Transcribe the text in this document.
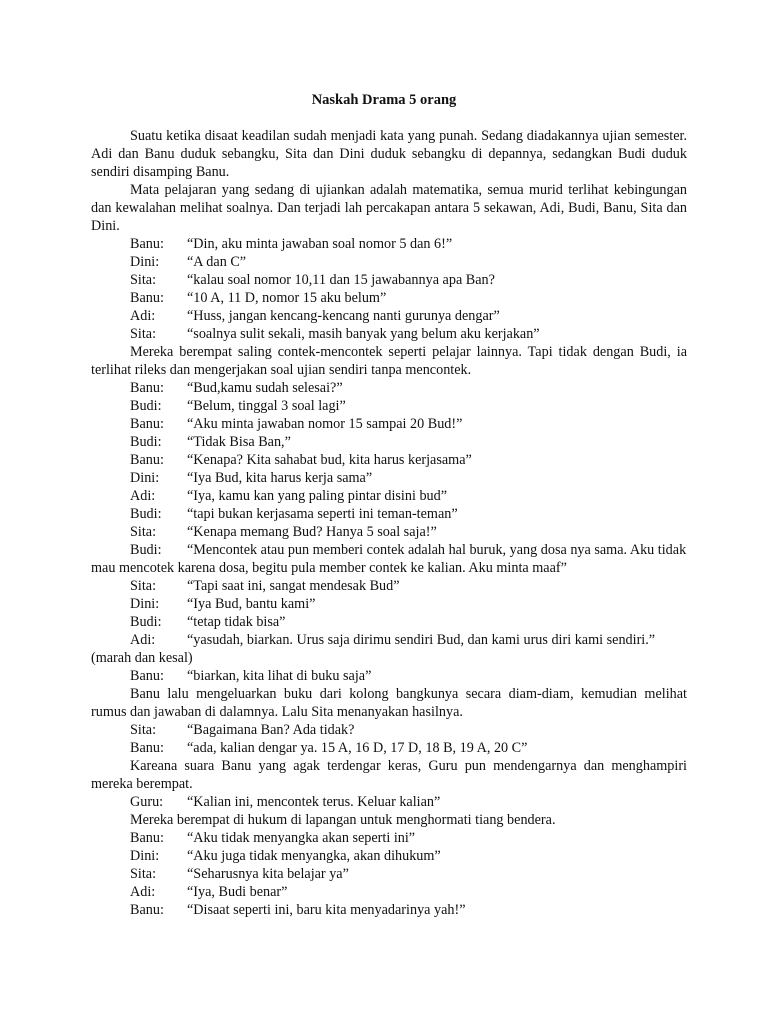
Naskah Drama 5 orang

Suatu ketika disaat keadilan sudah menjadi kata yang punah. Sedang diadakannya ujian semester. Adi dan Banu duduk sebangku, Sita dan Dini duduk sebangku di depannya, sedangkan Budi duduk sendiri disamping Banu.

Mata pelajaran yang sedang di ujiankan adalah matematika, semua murid terlihat kebingungan dan kewalahan melihat soalnya. Dan terjadi lah percakapan antara 5 sekawan, Adi, Budi, Banu, Sita dan Dini.

Banu:	“Din, aku minta jawaban soal nomor 5 dan 6!”
Dini:	“A dan C”
Sita:	“kalau soal nomor 10,11 dan 15 jawabannya apa Ban?
Banu:	“10 A, 11 D, nomor 15 aku belum”
Adi:	“Huss, jangan kencang-kencang nanti gurunya dengar”
Sita:	“soalnya sulit sekali, masih banyak yang belum aku kerjakan”

Mereka berempat saling contek-mencontek seperti pelajar lainnya. Tapi tidak dengan Budi, ia terlihat rileks dan mengerjakan soal ujian sendiri tanpa mencontek.

Banu:	“Bud,kamu sudah selesai?”
Budi:	“Belum, tinggal 3 soal lagi”
Banu:	“Aku minta jawaban nomor 15 sampai 20 Bud!”
Budi:	“Tidak Bisa Ban,”
Banu:	“Kenapa? Kita sahabat bud, kita harus kerjasama”
Dini:	“Iya Bud, kita harus kerja sama”
Adi:	“Iya, kamu kan yang paling pintar disini bud”
Budi:	“tapi bukan kerjasama seperti ini teman-teman”
Sita:	“Kenapa memang Bud? Hanya 5 soal saja!”
Budi:	“Mencontek atau pun memberi contek adalah hal buruk, yang dosa nya sama. Aku tidak mau mencotek karena dosa, begitu pula member contek ke kalian. Aku minta maaf”
Sita:	“Tapi saat ini, sangat mendesak Bud”
Dini:	“Iya Bud, bantu kami”
Budi:	“tetap tidak bisa”
Adi:	“yasudah, biarkan. Urus saja dirimu sendiri Bud, dan kami urus diri kami sendiri.” (marah dan kesal)
Banu:	“biarkan, kita lihat di buku saja”

Banu lalu mengeluarkan buku dari kolong bangkunya secara diam-diam, kemudian melihat rumus dan jawaban di dalamnya. Lalu Sita menanyakan hasilnya.

Sita:	“Bagaimana Ban? Ada tidak?
Banu:	“ada, kalian dengar ya. 15 A, 16 D, 17 D, 18 B, 19 A, 20 C”

Kareana suara Banu yang agak terdengar keras, Guru pun mendengarnya dan menghampiri mereka berempat.

Guru:	“Kalian ini, mencontek terus. Keluar kalian”

Mereka berempat di hukum di lapangan untuk menghormati tiang bendera.

Banu:	“Aku tidak menyangka akan seperti ini”
Dini:	“Aku juga tidak menyangka, akan dihukum”
Sita:	“Seharusnya kita belajar ya”
Adi:	“Iya, Budi benar”
Banu:	“Disaat seperti ini, baru kita menyadarinya yah!”
